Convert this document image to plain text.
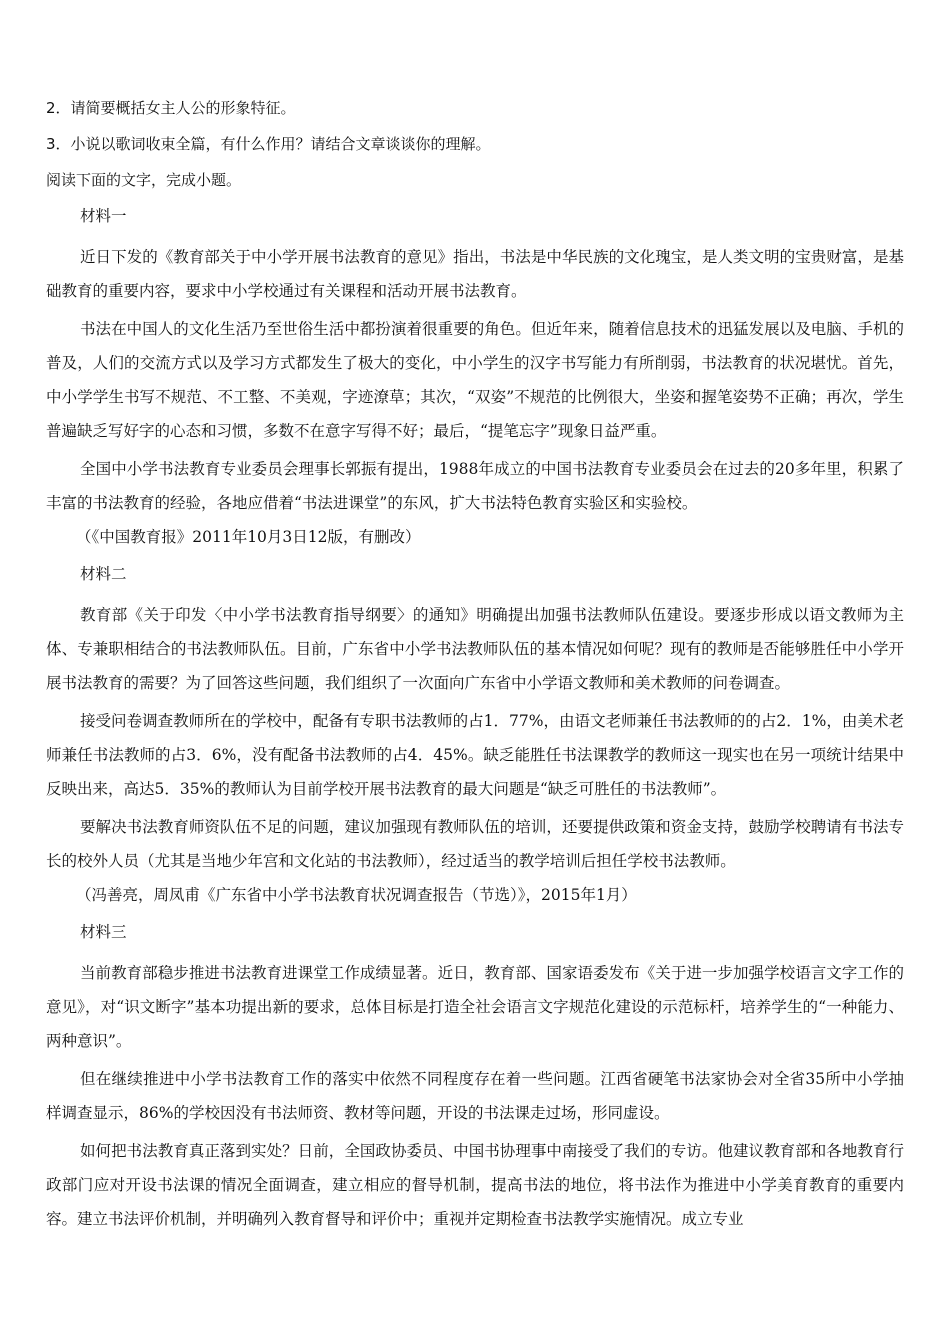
2．请简要概括女主人公的形象特征。

3．小说以歌词收束全篇，有什么作用？请结合文章谈谈你的理解。

阅读下面的文字，完成小题。

材料一

近日下发的《教育部关于中小学开展书法教育的意见》指出，书法是中华民族的文化瑰宝，是人类文明的宝贵财富，是基础教育的重要内容，要求中小学校通过有关课程和活动开展书法教育。

书法在中国人的文化生活乃至世俗生活中都扮演着很重要的角色。但近年来，随着信息技术的迅猛发展以及电脑、手机的普及，人们的交流方式以及学习方式都发生了极大的变化，中小学生的汉字书写能力有所削弱，书法教育的状况堪忧。首先，中小学学生书写不规范、不工整、不美观，字迹潦草；其次，“双姿”不规范的比例很大，坐姿和握笔姿势不正确；再次，学生普遍缺乏写好字的心态和习惯，多数不在意字写得不好；最后，“提笔忘字”现象日益严重。

全国中小学书法教育专业委员会理事长郭振有提出，1988年成立的中国书法教育专业委员会在过去的20多年里，积累了丰富的书法教育的经验，各地应借着“书法进课堂”的东风，扩大书法特色教育实验区和实验校。

（《中国教育报》2011年10月3日12版，有删改）

材料二

教育部《关于印发〈中小学书法教育指导纲要〉的通知》明确提出加强书法教师队伍建设。要逐步形成以语文教师为主体、专兼职相结合的书法教师队伍。目前，广东省中小学书法教师队伍的基本情况如何呢？现有的教师是否能够胜任中小学开展书法教育的需要？为了回答这些问题，我们组织了一次面向广东省中小学语文教师和美术教师的问卷调查。

接受问卷调查教师所在的学校中，配备有专职书法教师的占1．77%，由语文老师兼任书法教师的的占2．1%，由美术老师兼任书法教师的占3．6%，没有配备书法教师的占4．45%。缺乏能胜任书法课教学的教师这一现实也在另一项统计结果中反映出来，高达5．35%的教师认为目前学校开展书法教育的最大问题是“缺乏可胜任的书法教师”。

要解决书法教育师资队伍不足的问题，建议加强现有教师队伍的培训，还要提供政策和资金支持，鼓励学校聘请有书法专长的校外人员（尤其是当地少年宫和文化站的书法教师），经过适当的教学培训后担任学校书法教师。

（冯善亮，周凤甫《广东省中小学书法教育状况调查报告（节选）》，2015年1月）

材料三

当前教育部稳步推进书法教育进课堂工作成绩显著。近日，教育部、国家语委发布《关于进一步加强学校语言文字工作的意见》，对“识文断字”基本功提出新的要求，总体目标是打造全社会语言文字规范化建设的示范标杆，培养学生的“一种能力、两种意识”。

但在继续推进中小学书法教育工作的落实中依然不同程度存在着一些问题。江西省硬笔书法家协会对全省35所中小学抽样调查显示，86%的学校因没有书法师资、教材等问题，开设的书法课走过场，形同虚设。

如何把书法教育真正落到实处？日前，全国政协委员、中国书协理事中南接受了我们的专访。他建议教育部和各地教育行政部门应对开设书法课的情况全面调查，建立相应的督导机制，提高书法的地位，将书法作为推进中小学美育教育的重要内容。建立书法评价机制，并明确列入教育督导和评价中；重视并定期检查书法教学实施情况。成立专业
